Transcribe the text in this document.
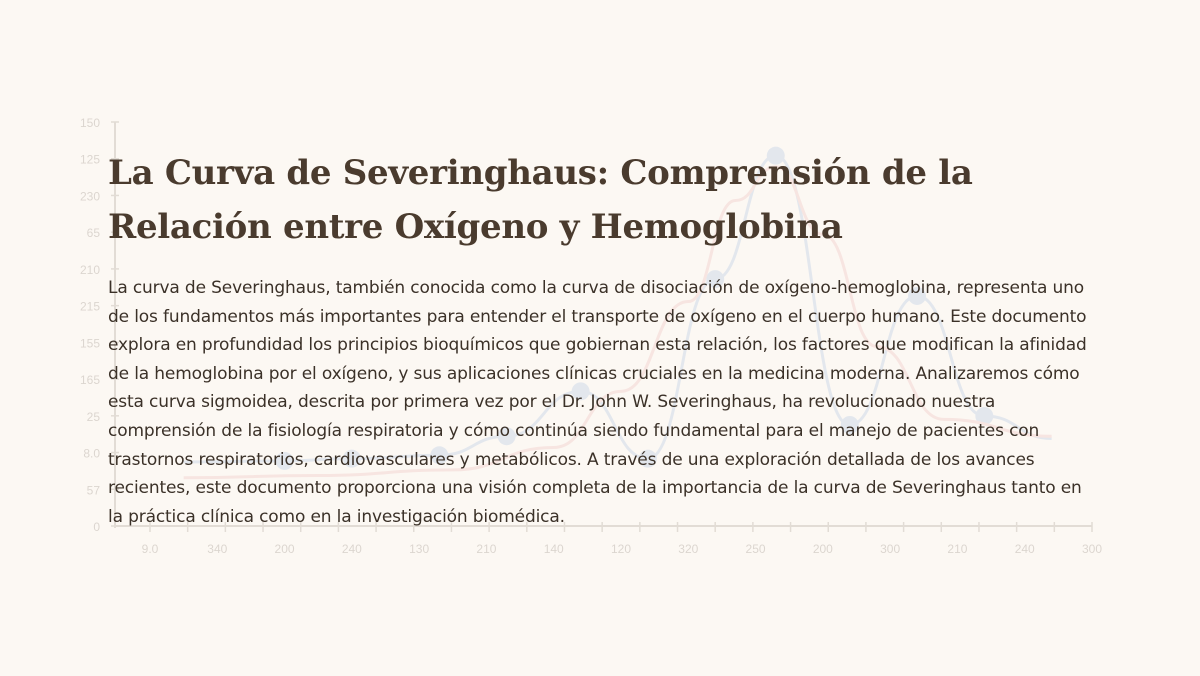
150
125
230
65
210
215
155
165
25
8.0
57
0
9.0	340	200	240	130	210	140	120	320	250	200	300	210	240	300
La Curva de Severinghaus: Comprensión de la Relación entre Oxígeno y Hemoglobina

La curva de Severinghaus, también conocida como la curva de disociación de oxígeno-hemoglobina, representa uno de los fundamentos más importantes para entender el transporte de oxígeno en el cuerpo humano. Este documento explora en profundidad los principios bioquímicos que gobiernan esta relación, los factores que modifican la afinidad de la hemoglobina por el oxígeno, y sus aplicaciones clínicas cruciales en la medicina moderna. Analizaremos cómo esta curva sigmoidea, descrita por primera vez por el Dr. John W. Severinghaus, ha revolucionado nuestra comprensión de la fisiología respiratoria y cómo continúa siendo fundamental para el manejo de pacientes con trastornos respiratorios, cardiovasculares y metabólicos. A través de una exploración detallada de los avances recientes, este documento proporciona una visión completa de la importancia de la curva de Severinghaus tanto en la práctica clínica como en la investigación biomédica.
